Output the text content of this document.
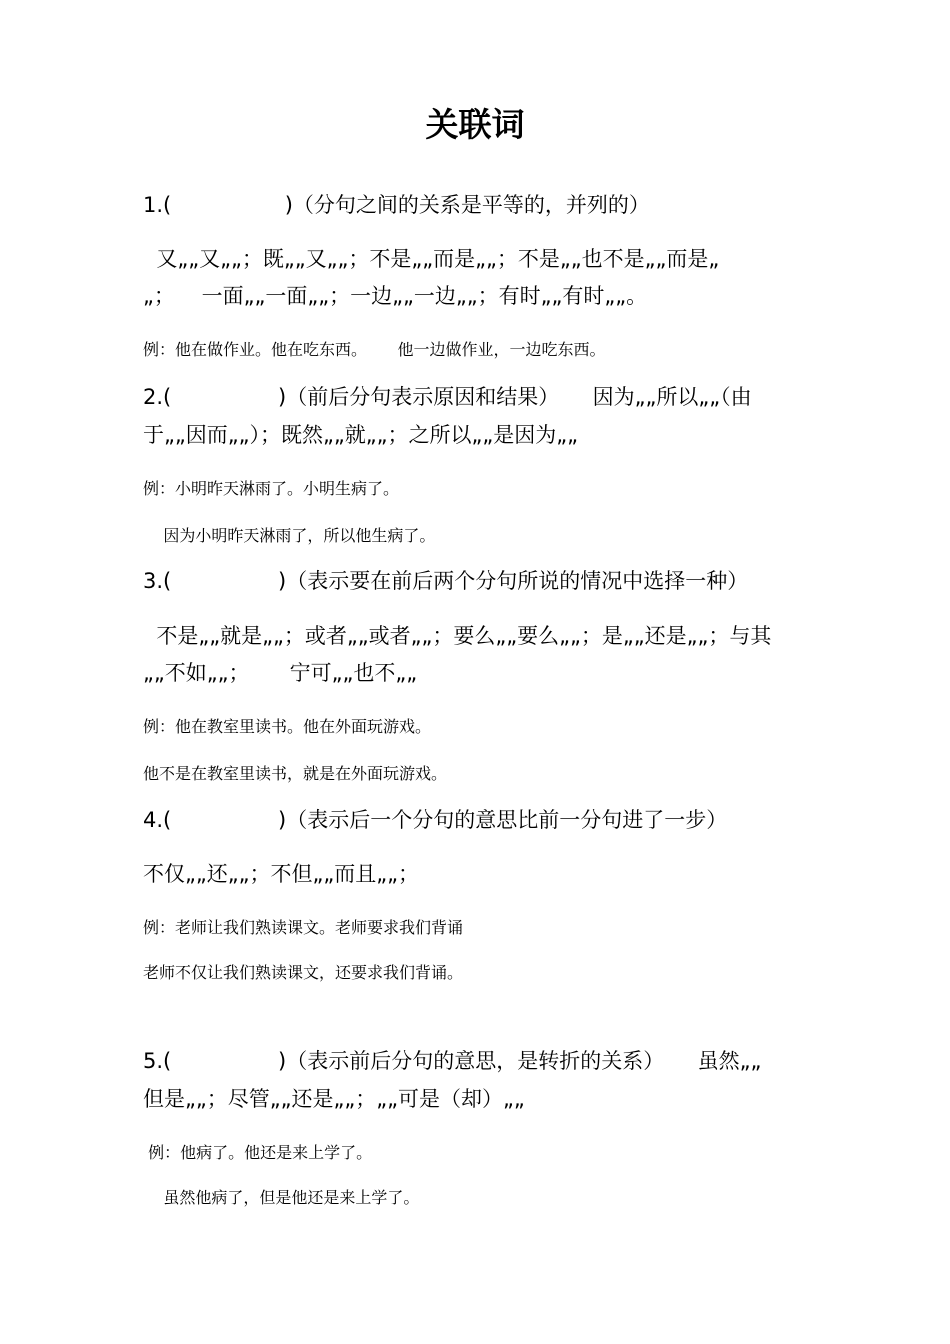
关联词
1.(                 )（分句之间的关系是平等的，并列的）
又„„又„„；既„„又„„；不是„„而是„„；不是„„也不是„„而是„
„；    一面„„一面„„；一边„„一边„„；有时„„有时„„。
例：他在做作业。他在吃东西。      他一边做作业，一边吃东西。
2.(                )（前后分句表示原因和结果）     因为„„所以„„（由
于„„因而„„）；既然„„就„„；之所以„„是因为„„
例：小明昨天淋雨了。小明生病了。
因为小明昨天淋雨了，所以他生病了。
3.(                )（表示要在前后两个分句所说的情况中选择一种）
不是„„就是„„；或者„„或者„„；要么„„要么„„；是„„还是„„；与其
„„不如„„；      宁可„„也不„„
例：他在教室里读书。他在外面玩游戏。
他不是在教室里读书，就是在外面玩游戏。
4.(                )（表示后一个分句的意思比前一分句进了一步）
不仅„„还„„；不但„„而且„„；
例：老师让我们熟读课文。老师要求我们背诵
老师不仅让我们熟读课文，还要求我们背诵。
5.(                )（表示前后分句的意思，是转折的关系）     虽然„„
但是„„；尽管„„还是„„；„„可是（却）„„
例：他病了。他还是来上学了。
虽然他病了，但是他还是来上学了。
